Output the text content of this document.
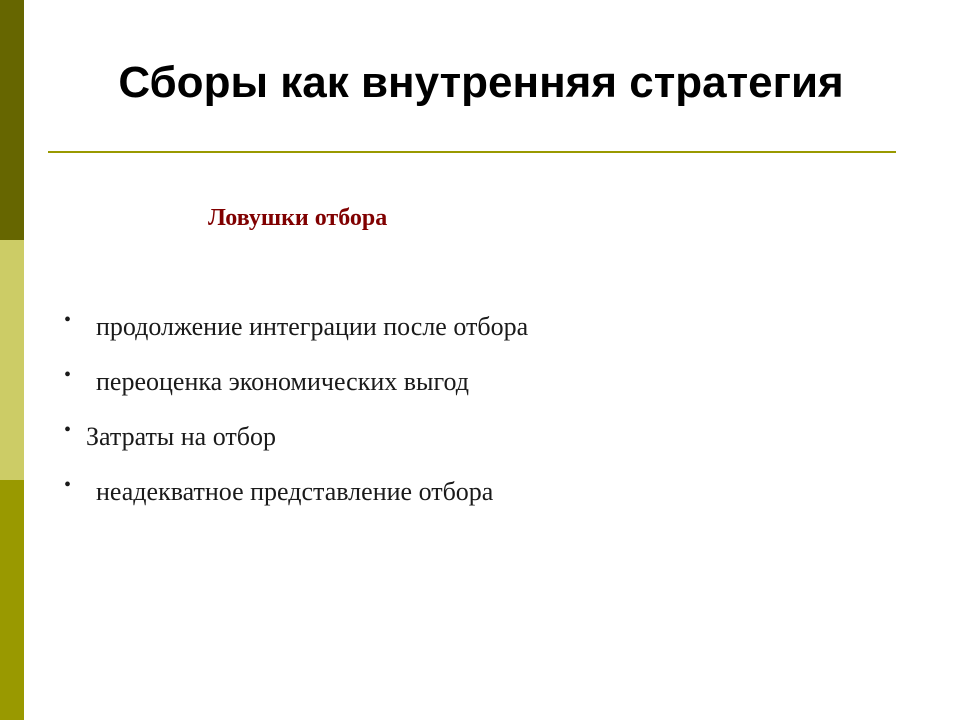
Сборы как внутренняя стратегия
Ловушки отбора
• продолжение интеграции после отбора
• переоценка экономических выгод
• Затраты на отбор
• неадекватное представление отбора
